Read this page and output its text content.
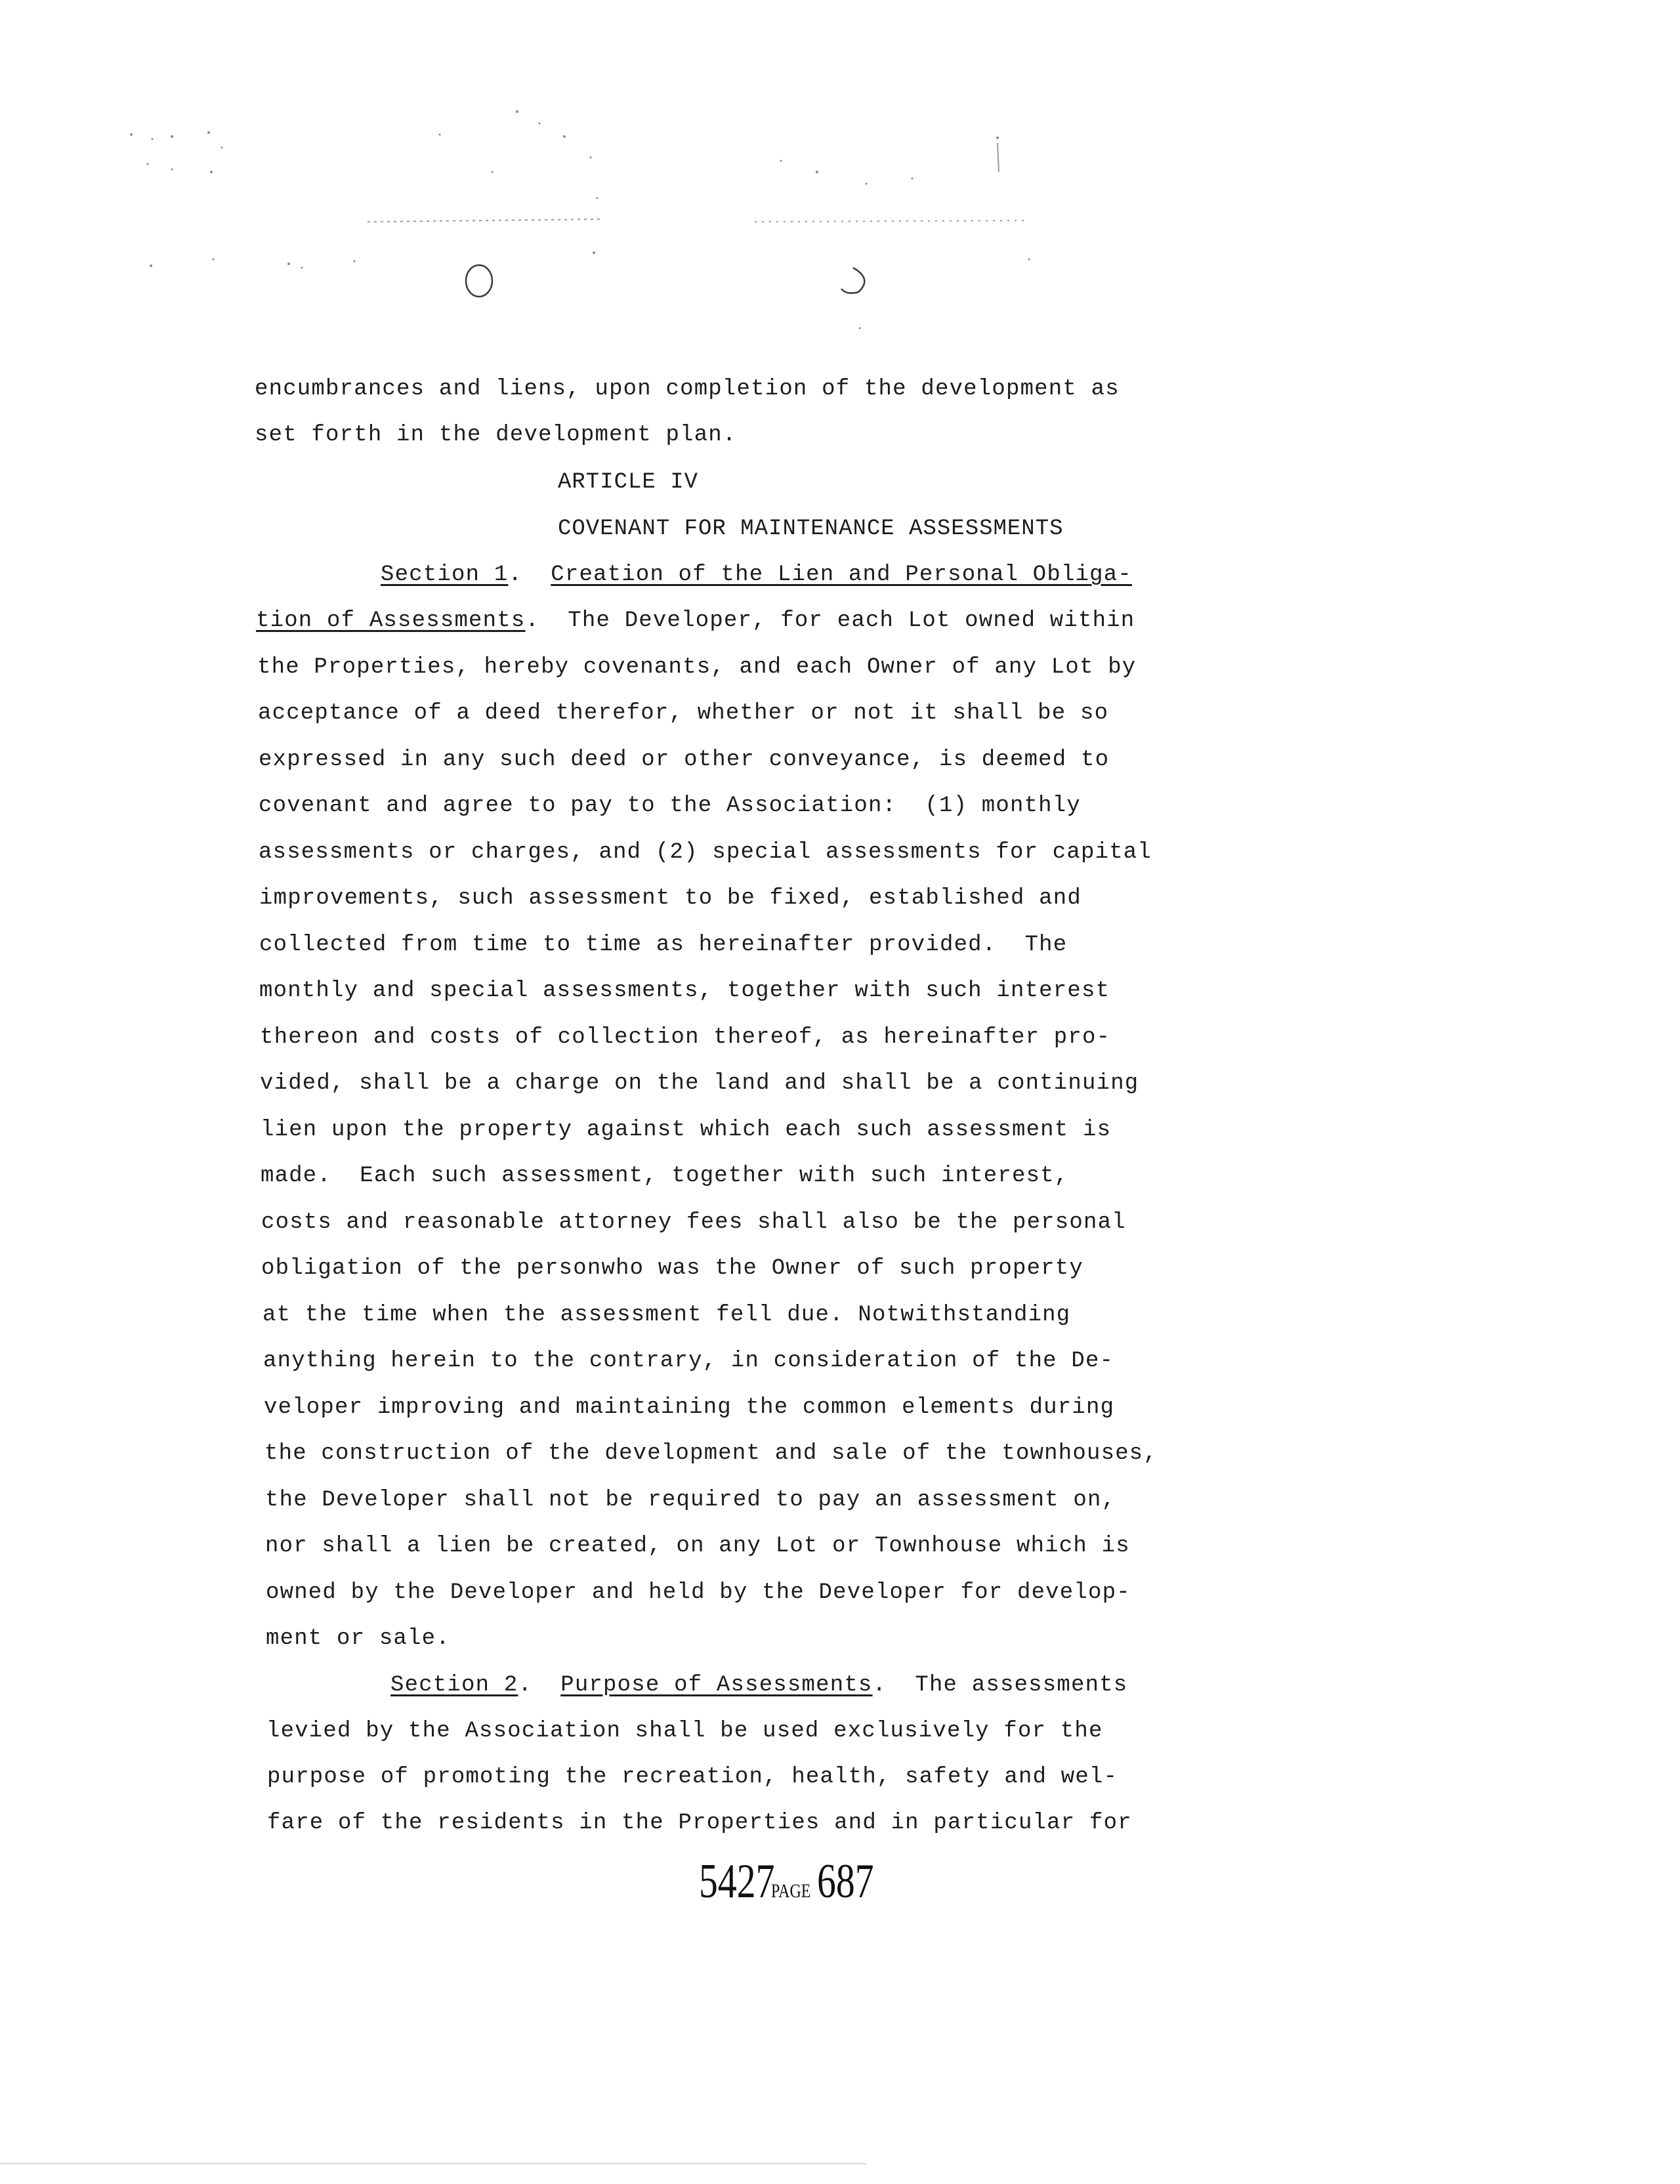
encumbrances and liens, upon completion of the development as
set forth in the development plan.
ARTICLE IV
COVENANT FOR MAINTENANCE ASSESSMENTS
Section 1.  Creation of the Lien and Personal Obliga-
tion of Assessments.  The Developer, for each Lot owned within
the Properties, hereby covenants, and each Owner of any Lot by
acceptance of a deed therefor, whether or not it shall be so
expressed in any such deed or other conveyance, is deemed to
covenant and agree to pay to the Association:  (1) monthly
assessments or charges, and (2) special assessments for capital
improvements, such assessment to be fixed, established and
collected from time to time as hereinafter provided.  The
monthly and special assessments, together with such interest
thereon and costs of collection thereof, as hereinafter pro-
vided, shall be a charge on the land and shall be a continuing
lien upon the property against which each such assessment is
made.  Each such assessment, together with such interest,
costs and reasonable attorney fees shall also be the personal
obligation of the personwho was the Owner of such property
at the time when the assessment fell due. Notwithstanding
anything herein to the contrary, in consideration of the De-
veloper improving and maintaining the common elements during
the construction of the development and sale of the townhouses,
the Developer shall not be required to pay an assessment on,
nor shall a lien be created, on any Lot or Townhouse which is
owned by the Developer and held by the Developer for develop-
ment or sale.
Section 2.  Purpose of Assessments.  The assessments
levied by the Association shall be used exclusively for the
purpose of promoting the recreation, health, safety and wel-
fare of the residents in the Properties and in particular for
5427PAGE 687
